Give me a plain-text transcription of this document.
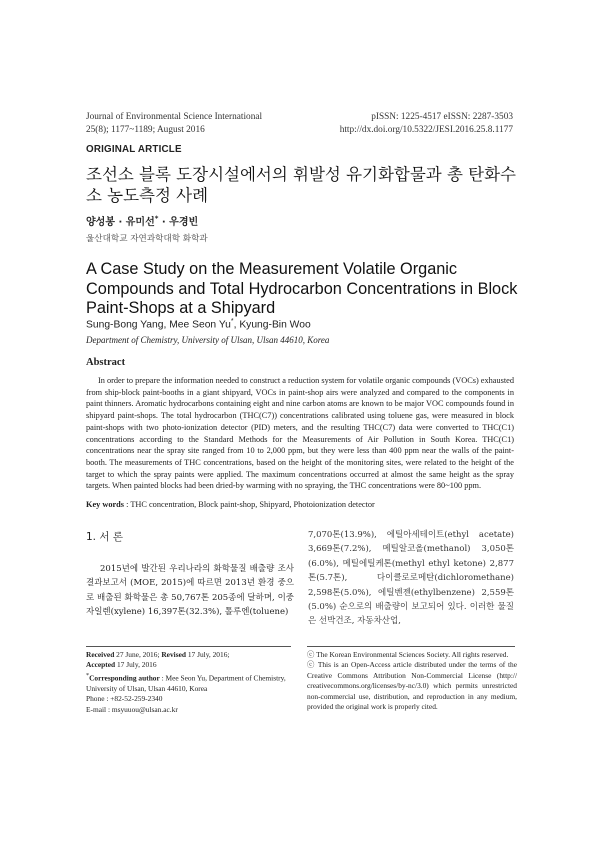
Journal of Environmental Science International
25(8); 1177~1189; August 2016
pISSN: 1225-4517 eISSN: 2287-3503
http://dx.doi.org/10.5322/JESI.2016.25.8.1177
ORIGINAL ARTICLE
조선소 블록 도장시설에서의 휘발성 유기화합물과 총 탄화수소 농도측정 사례
양성봉 · 유미선* · 우경빈
울산대학교 자연과학대학 화학과
A Case Study on the Measurement Volatile Organic Compounds and Total Hydrocarbon Concentrations in Block Paint-Shops at a Shipyard
Sung-Bong Yang, Mee Seon Yu*, Kyung-Bin Woo
Department of Chemistry, University of Ulsan, Ulsan 44610, Korea
Abstract
In order to prepare the information needed to construct a reduction system for volatile organic compounds (VOCs) exhausted from ship-block paint-booths in a giant shipyard, VOCs in paint-shop airs were analyzed and compared to the components in paint thinners. Aromatic hydrocarbons containing eight and nine carbon atoms are known to be major VOC compounds found in shipyard paint-shops. The total hydrocarbon (THC(C7)) concentrations calibrated using toluene gas, were measured in block paint-shops with two photo-ionization detector (PID) meters, and the resulting THC(C7) data were converted to THC(C1) concentrations according to the Standard Methods for the Measurements of Air Pollution in South Korea. THC(C1) concentrations near the spray site ranged from 10 to 2,000 ppm, but they were less than 400 ppm near the walls of the paint-booth. The measurements of THC concentrations, based on the height of the monitoring sites, were related to the height of the target to which the spray paints were applied. The maximum concentrations occurred at almost the same height as the spray targets. When painted blocks had been dried-by warming with no spraying, the THC concentrations were 80~100 ppm.
Key words : THC concentration, Block paint-shop, Shipyard, Photoionization detector
1. 서 론
2015년에 발간된 우리나라의 화학물질 배출량 조사결과보고서 (MOE, 2015)에 따르면 2013년 환경 중으로 배출된 화학물은 총 50,767톤 205종에 달하며, 이중 자일렌(xylene) 16,397톤(32.3%), 톨루엔(toluene)
7,070톤(13.9%), 에틸아세테이트(ethyl acetate) 3,669톤(7.2%), 메틸알코올(methanol) 3,050톤(6.0%), 메틸에틸케톤(methyl ethyl ketone) 2,877톤(5.7톤), 다이클로로메탄(dichloromethane) 2,598톤(5.0%), 에틸벤젠(ethylbenzene) 2,559톤(5.0%) 순으로의 배출량이 보고되어 있다. 이러한 물질은 선박건조, 자동차산업,
Received 27 June, 2016; Revised 17 July, 2016;
Accepted 17 July, 2016
*Corresponding author : Mee Seon Yu, Department of Chemistry, University of Ulsan, Ulsan 44610, Korea
Phone : +82-52-259-2340
E-mail : msyuuou@ulsan.ac.kr
ⓒ The Korean Environmental Sciences Society. All rights reserved.
ⓒ This is an Open-Access article distributed under the terms of the Creative Commons Attribution Non-Commercial License (http:// creativecommons.org/licenses/by-nc/3.0) which permits unrestricted non-commercial use, distribution, and reproduction in any medium, provided the original work is properly cited.
